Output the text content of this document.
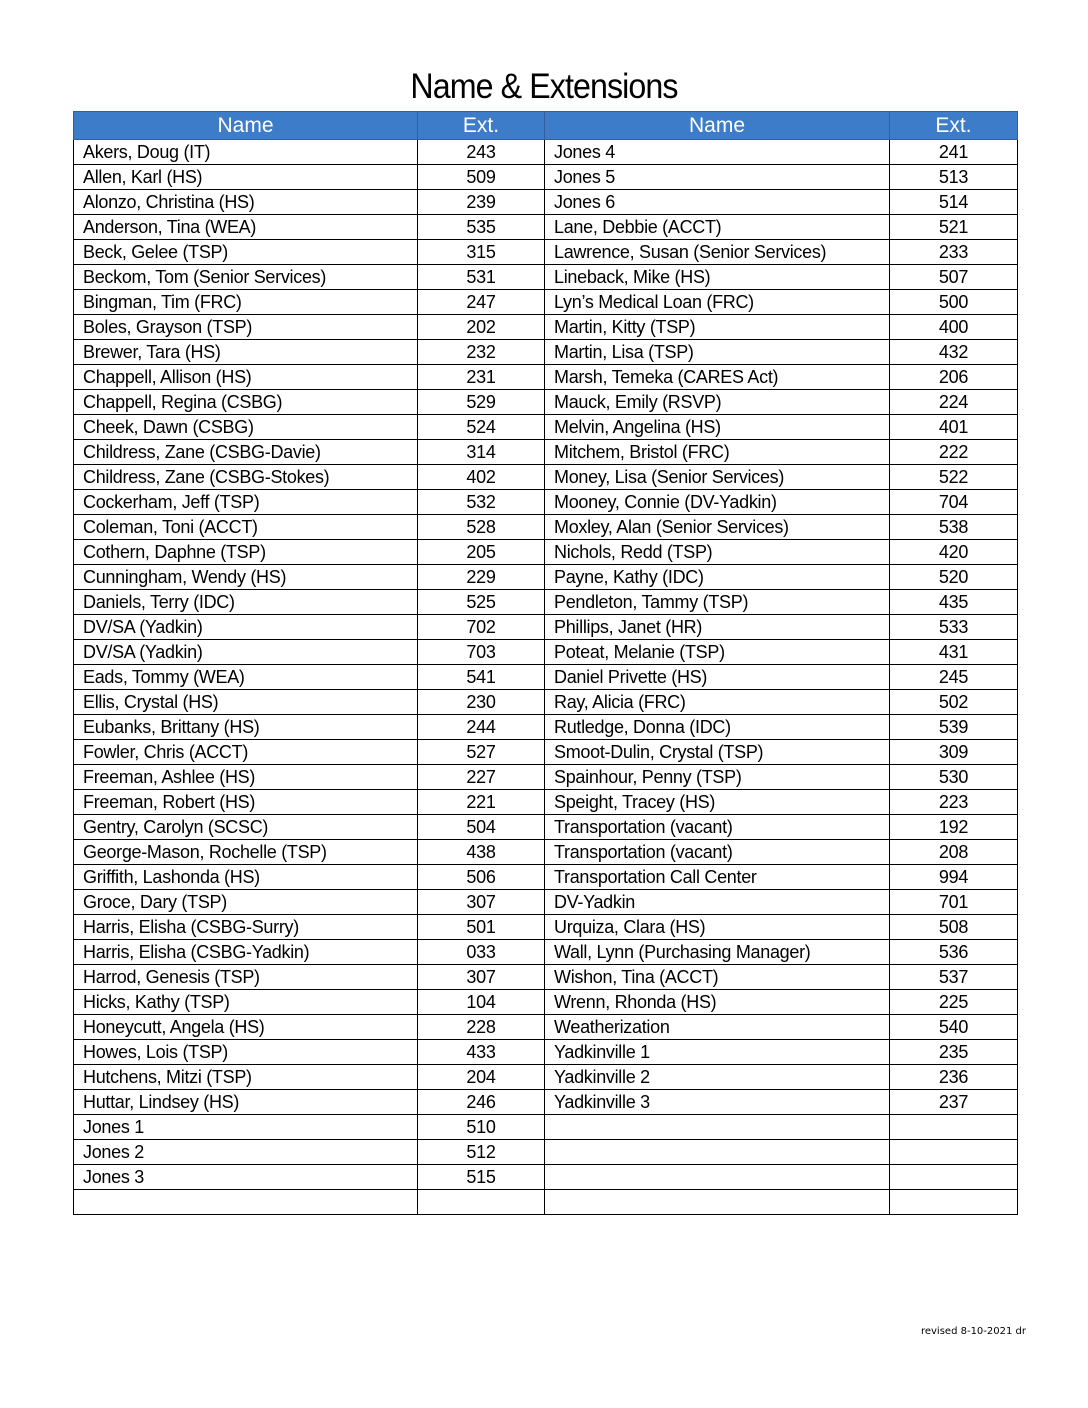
Name & Extensions
Name	Ext.	Name	Ext.
Akers, Doug (IT)	243	Jones 4	241
Allen, Karl (HS)	509	Jones 5	513
Alonzo, Christina (HS)	239	Jones 6	514
Anderson, Tina (WEA)	535	Lane, Debbie (ACCT)	521
Beck, Gelee (TSP)	315	Lawrence, Susan (Senior Services)	233
Beckom, Tom (Senior Services)	531	Lineback, Mike (HS)	507
Bingman, Tim (FRC)	247	Lyn’s Medical Loan (FRC)	500
Boles, Grayson (TSP)	202	Martin, Kitty (TSP)	400
Brewer, Tara (HS)	232	Martin, Lisa (TSP)	432
Chappell, Allison (HS)	231	Marsh, Temeka (CARES Act)	206
Chappell, Regina (CSBG)	529	Mauck, Emily (RSVP)	224
Cheek, Dawn (CSBG)	524	Melvin, Angelina (HS)	401
Childress, Zane (CSBG-Davie)	314	Mitchem, Bristol (FRC)	222
Childress, Zane (CSBG-Stokes)	402	Money, Lisa (Senior Services)	522
Cockerham, Jeff (TSP)	532	Mooney, Connie (DV-Yadkin)	704
Coleman, Toni (ACCT)	528	Moxley, Alan (Senior Services)	538
Cothern, Daphne (TSP)	205	Nichols, Redd (TSP)	420
Cunningham, Wendy (HS)	229	Payne, Kathy (IDC)	520
Daniels, Terry (IDC)	525	Pendleton, Tammy (TSP)	435
DV/SA (Yadkin)	702	Phillips, Janet (HR)	533
DV/SA (Yadkin)	703	Poteat, Melanie (TSP)	431
Eads, Tommy (WEA)	541	Daniel Privette (HS)	245
Ellis, Crystal (HS)	230	Ray, Alicia (FRC)	502
Eubanks, Brittany (HS)	244	Rutledge, Donna (IDC)	539
Fowler, Chris (ACCT)	527	Smoot-Dulin, Crystal (TSP)	309
Freeman, Ashlee (HS)	227	Spainhour, Penny (TSP)	530
Freeman, Robert (HS)	221	Speight, Tracey (HS)	223
Gentry, Carolyn (SCSC)	504	Transportation (vacant)	192
George-Mason, Rochelle (TSP)	438	Transportation (vacant)	208
Griffith, Lashonda (HS)	506	Transportation Call Center	994
Groce, Dary (TSP)	307	DV-Yadkin	701
Harris, Elisha (CSBG-Surry)	501	Urquiza, Clara (HS)	508
Harris, Elisha (CSBG-Yadkin)	033	Wall, Lynn (Purchasing Manager)	536
Harrod, Genesis (TSP)	307	Wishon, Tina (ACCT)	537
Hicks, Kathy (TSP)	104	Wrenn, Rhonda (HS)	225
Honeycutt, Angela (HS)	228	Weatherization	540
Howes, Lois (TSP)	433	Yadkinville 1	235
Hutchens, Mitzi (TSP)	204	Yadkinville 2	236
Huttar, Lindsey (HS)	246	Yadkinville 3	237
Jones 1	510		
Jones 2	512		
Jones 3	515		

revised 8-10-2021 dr
